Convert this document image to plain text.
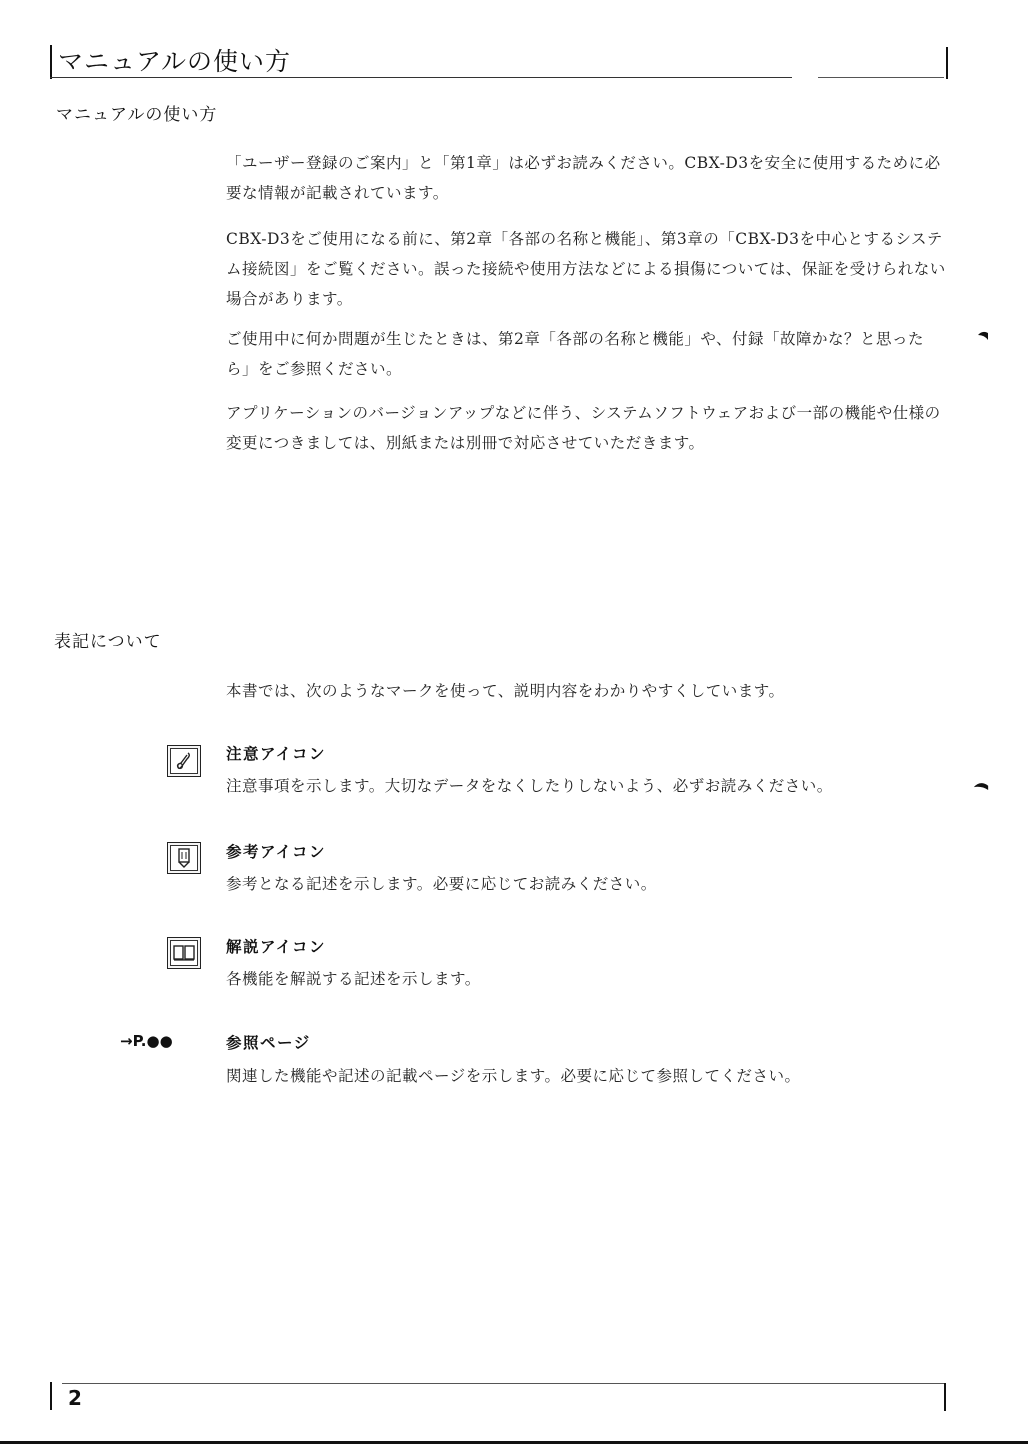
マニュアルの使い方
マニュアルの使い方
「ユーザー登録のご案内」と「第1章」は必ずお読みください。CBX-D3を安全に使用するために必要な情報が記載されています。
CBX-D3をご使用になる前に、第2章「各部の名称と機能」、第3章の「CBX-D3を中心とするシステム接続図」をご覧ください。誤った接続や使用方法などによる損傷については、保証を受けられない場合があります。
ご使用中に何か問題が生じたときは、第2章「各部の名称と機能」や、付録「故障かな？と思ったら」をご参照ください。
アプリケーションのバージョンアップなどに伴う、システムソフトウェアおよび一部の機能や仕様の変更につきましては、別紙または別冊で対応させていただきます。
表記について
本書では、次のようなマークを使って、説明内容をわかりやすくしています。
注意アイコン
注意事項を示します。大切なデータをなくしたりしないよう、必ずお読みください。
参考アイコン
参考となる記述を示します。必要に応じてお読みください。
解説アイコン
各機能を解説する記述を示します。
→P.●●	参照ページ
関連した機能や記述の記載ページを示します。必要に応じて参照してください。
2
